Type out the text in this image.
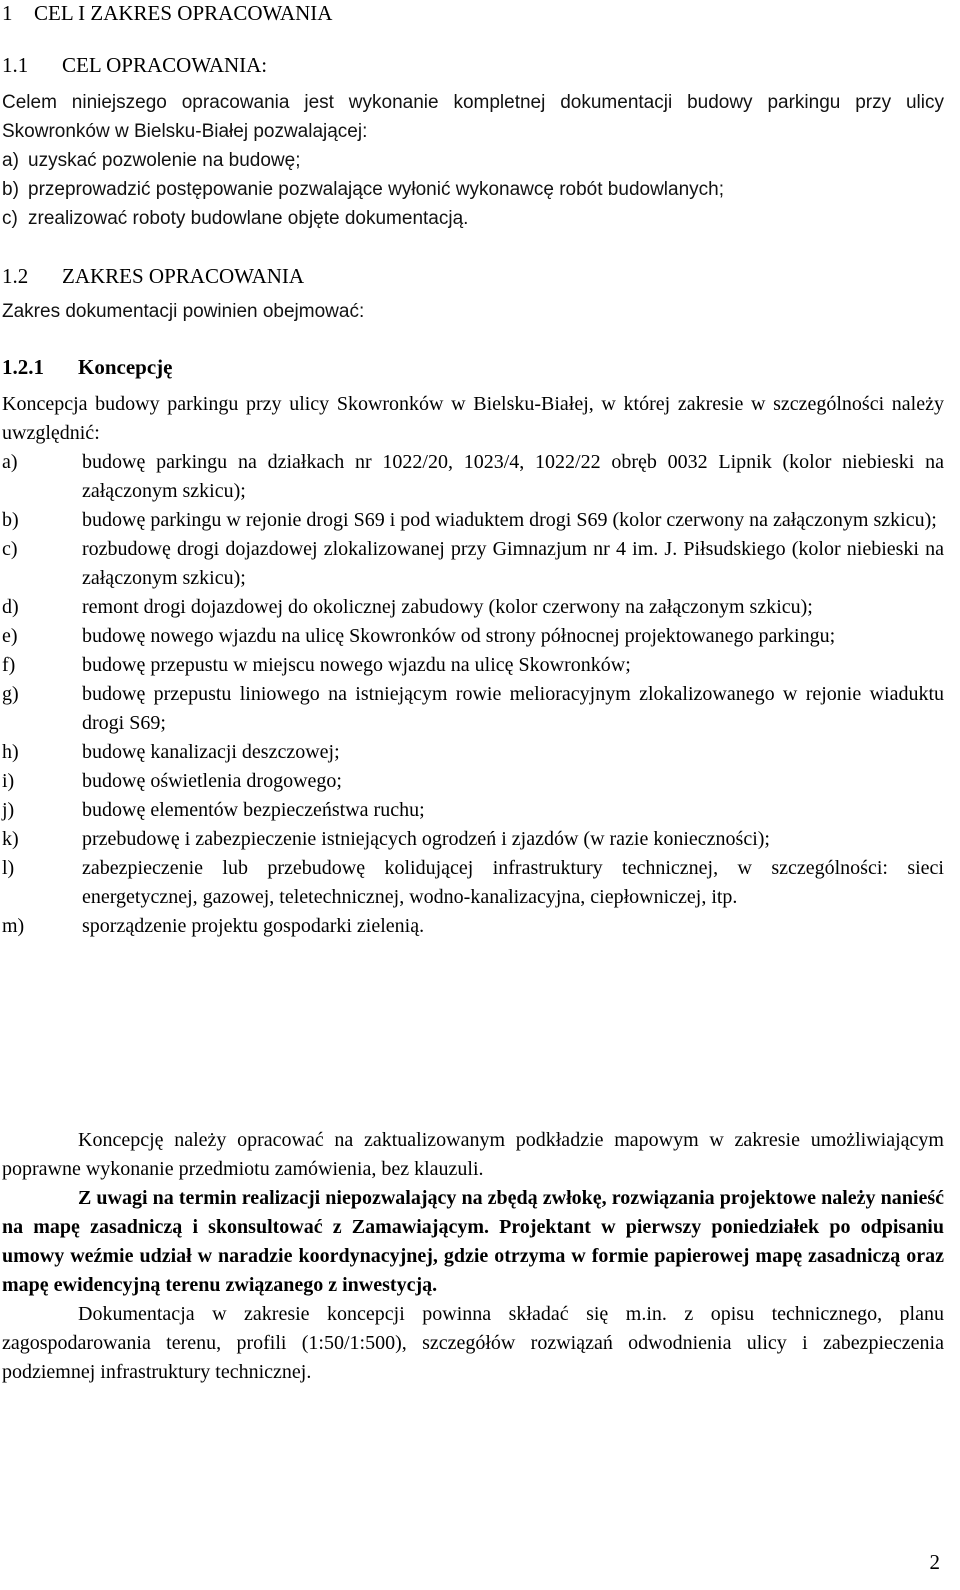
1 CEL I ZAKRES OPRACOWANIA
1.1 CEL OPRACOWANIA:

Celem niniejszego opracowania jest wykonanie kompletnej dokumentacji budowy parkingu przy ulicy Skowronków w Bielsku-Białej pozwalającej:

a) uzyskać pozwolenie na budowę;
b) przeprowadzić postępowanie pozwalające wyłonić wykonawcę robót budowlanych;
c) zrealizować roboty budowlane objęte dokumentacją.
1.2 ZAKRES OPRACOWANIA
Zakres dokumentacji powinien obejmować:
1.2.1 Koncepcję

Koncepcja budowy parkingu przy ulicy Skowronków w Bielsku-Białej, w której zakresie w szczególności należy uwzględnić:

a)	budowę parkingu na działkach nr 1022/20, 1023/4, 1022/22 obręb 0032 Lipnik (kolor niebieski na załączonym szkicu);
b)	budowę parkingu w rejonie drogi S69 i pod wiaduktem drogi S69 (kolor czerwony na załączonym szkicu);
c)	rozbudowę drogi dojazdowej zlokalizowanej przy Gimnazjum nr 4 im. J. Piłsudskiego (kolor niebieski na załączonym szkicu);
d)	remont drogi dojazdowej do okolicznej zabudowy (kolor czerwony na załączonym szkicu);
e)	budowę nowego wjazdu na ulicę Skowronków od strony północnej projektowanego parkingu;
f)	budowę przepustu w miejscu nowego wjazdu na ulicę Skowronków;
g)	budowę przepustu liniowego na istniejącym rowie melioracyjnym zlokalizowanego w rejonie wiaduktu drogi S69;
h)	budowę kanalizacji deszczowej;
i)	budowę oświetlenia drogowego;
j)	budowę elementów bezpieczeństwa ruchu;
k)	przebudowę i zabezpieczenie istniejących ogrodzeń i zjazdów (w razie konieczności);
l)	zabezpieczenie lub przebudowę kolidującej infrastruktury technicznej, w szczególności: sieci energetycznej, gazowej, teletechnicznej, wodno-kanalizacyjna, ciepłowniczej, itp.
m)	sporządzenie projektu gospodarki zielenią.

Koncepcję należy opracować na zaktualizowanym podkładzie mapowym w zakresie umożliwiającym poprawne wykonanie przedmiotu zamówienia, bez klauzuli.

Z uwagi na termin realizacji niepozwalający na zbędą zwłokę, rozwiązania projektowe należy nanieść na mapę zasadniczą i skonsultować z Zamawiającym. Projektant w pierwszy poniedziałek po odpisaniu umowy weźmie udział w naradzie koordynacyjnej, gdzie otrzyma w formie papierowej mapę zasadniczą oraz mapę ewidencyjną terenu związanego z inwestycją.

Dokumentacja w zakresie koncepcji powinna składać się m.in. z opisu technicznego, planu zagospodarowania terenu, profili (1:50/1:500), szczegółów rozwiązań odwodnienia ulicy i zabezpieczenia podziemnej infrastruktury technicznej.

2
